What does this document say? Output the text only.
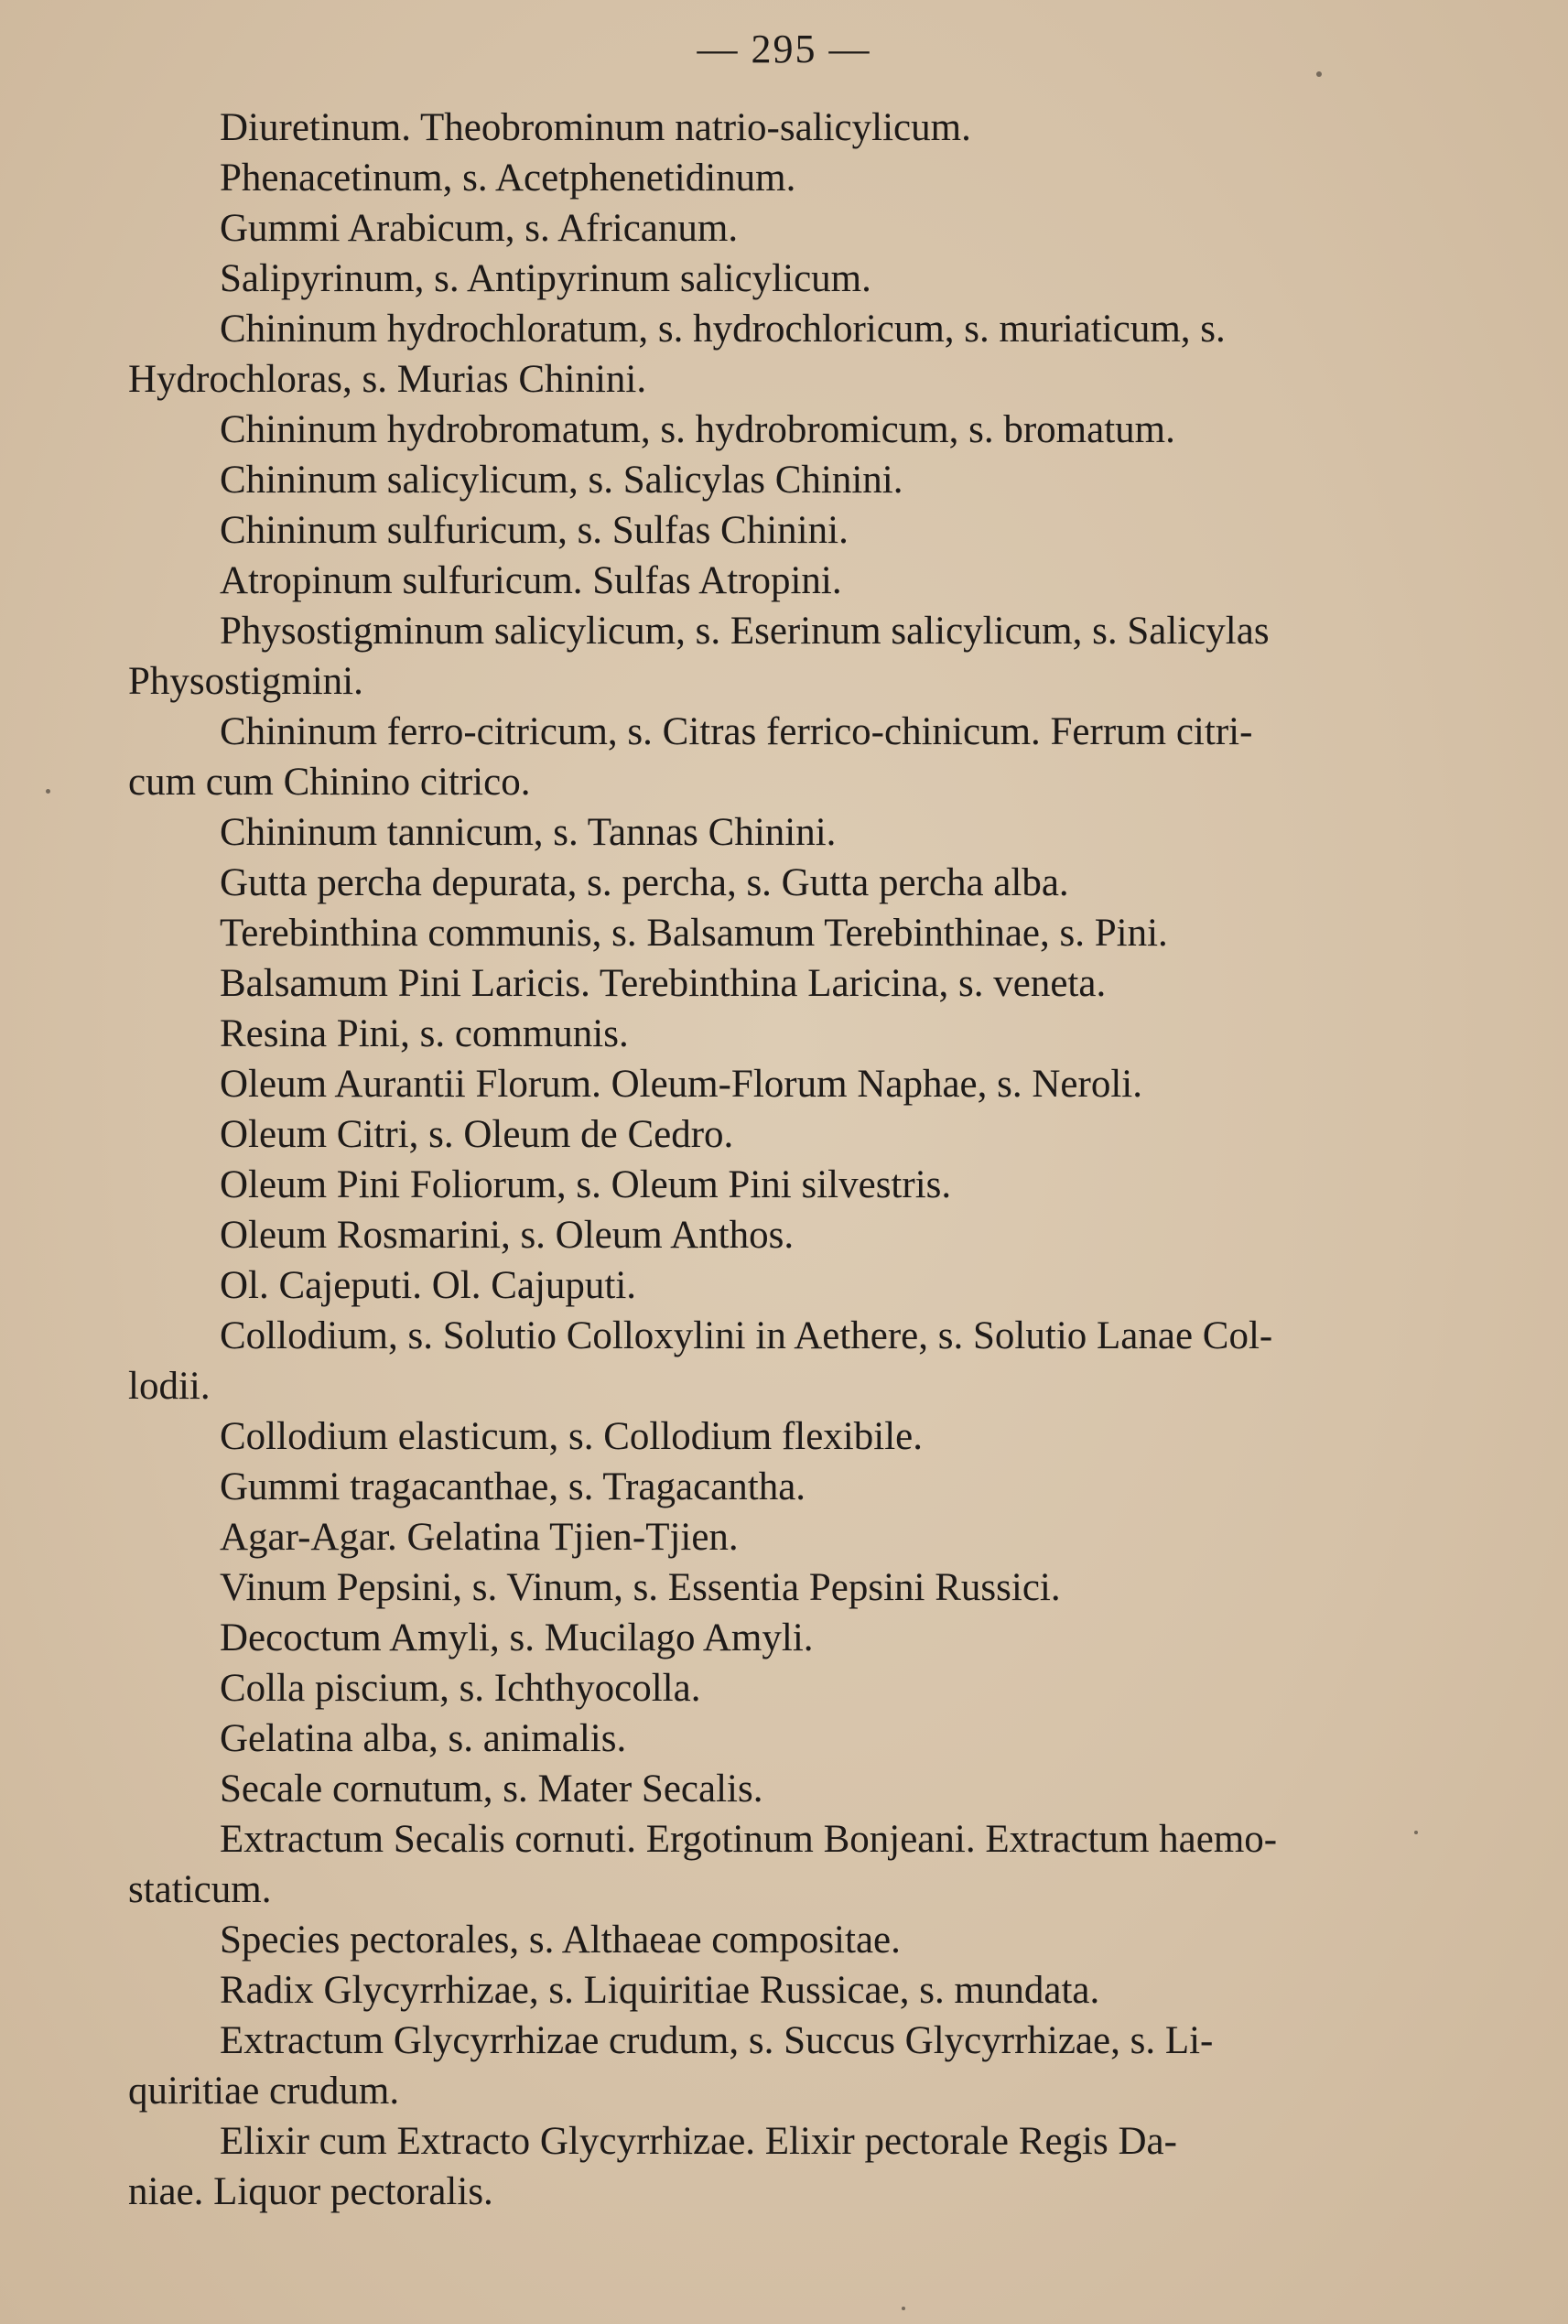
— 295 —
Diuretinum. Theobrominum natrio-salicylicum.
Phenacetinum, s. Acetphenetidinum.
Gummi Arabicum, s. Africanum.
Salipyrinum, s. Antipyrinum salicylicum.
Chininum hydrochloratum, s. hydrochloricum, s. muriaticum, s.
Hydrochloras, s. Murias Chinini.
Chininum hydrobromatum, s. hydrobromicum, s. bromatum.
Chininum salicylicum, s. Salicylas Chinini.
Chininum sulfuricum, s. Sulfas Chinini.
Atropinum sulfuricum. Sulfas Atropini.
Physostigminum salicylicum, s. Eserinum salicylicum, s. Salicylas
Physostigmini.
Chininum ferro-citricum, s. Citras ferrico-chinicum. Ferrum citri-
cum cum Chinino citrico.
Chininum tannicum, s. Tannas Chinini.
Gutta percha depurata, s. percha, s. Gutta percha alba.
Terebinthina communis, s. Balsamum Terebinthinae, s. Pini.
Balsamum Pini Laricis. Terebinthina Laricina, s. veneta.
Resina Pini, s. communis.
Oleum Aurantii Florum. Oleum-Florum Naphae, s. Neroli.
Oleum Citri, s. Oleum de Cedro.
Oleum Pini Foliorum, s. Oleum Pini silvestris.
Oleum Rosmarini, s. Oleum Anthos.
Ol. Cajeputi. Ol. Cajuputi.
Collodium, s. Solutio Colloxylini in Aethere, s. Solutio Lanae Col-
lodii.
Collodium elasticum, s. Collodium flexibile.
Gummi tragacanthae, s. Tragacantha.
Agar-Agar. Gelatina Tjien-Tjien.
Vinum Pepsini, s. Vinum, s. Essentia Pepsini Russici.
Decoctum Amyli, s. Mucilago Amyli.
Colla piscium, s. Ichthyocolla.
Gelatina alba, s. animalis.
Secale cornutum, s. Mater Secalis.
Extractum Secalis cornuti. Ergotinum Bonjeani. Extractum haemo-
staticum.
Species pectorales, s. Althaeae compositae.
Radix Glycyrrhizae, s. Liquiritiae Russicae, s. mundata.
Extractum Glycyrrhizae crudum, s. Succus Glycyrrhizae, s. Li-
quiritiae crudum.
Elixir cum Extracto Glycyrrhizae. Elixir pectorale Regis Da-
niae. Liquor pectoralis.
